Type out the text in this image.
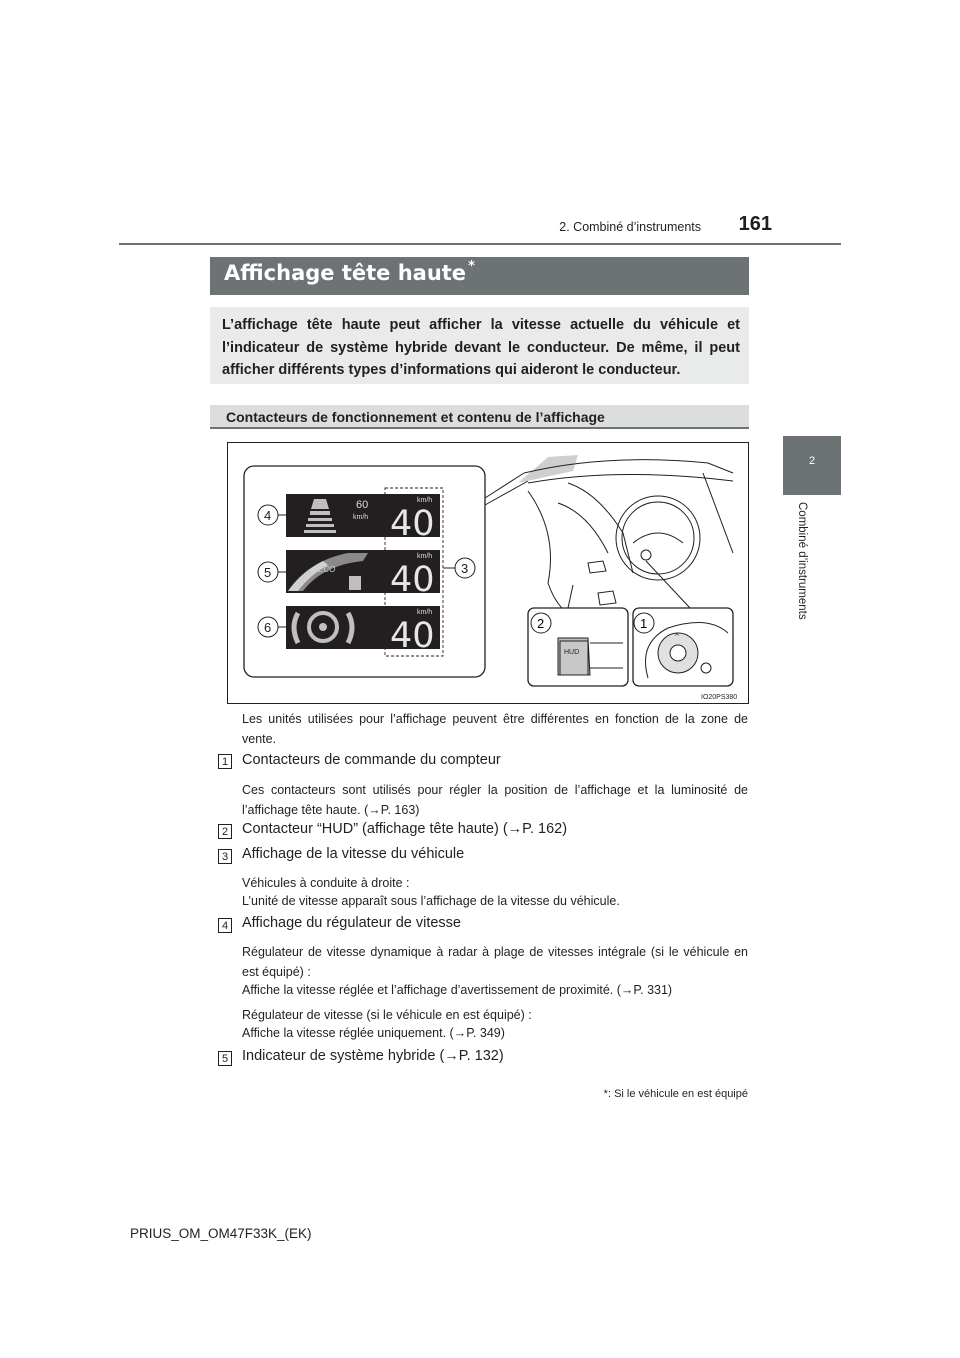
2. Combiné d’instruments	161
2
Combiné d’instruments
Affichage tête haute *
L’affichage tête haute peut afficher la vitesse actuelle du véhicule et l’indicateur de système hybride devant le conducteur. De même, il peut afficher différents types d’informations qui aideront le conducteur.
Contacteurs de fonctionnement et contenu de l’affichage
60
km/h
km/h
40
ECO
km/h
40
km/h
40
4
5
6
3
HUD
2
^
1
IO20PS380
Les unités utilisées pour l’affichage peuvent être différentes en fonction de la zone de vente.
1 Contacteurs de commande du compteur
Ces contacteurs sont utilisés pour régler la position de l’affichage et la luminosité de l’affichage tête haute. (→P. 163)
2 Contacteur “HUD” (affichage tête haute) (→P. 162)
3 Affichage de la vitesse du véhicule
Véhicules à conduite à droite :
L’unité de vitesse apparaît sous l’affichage de la vitesse du véhicule.
4 Affichage du régulateur de vitesse
Régulateur de vitesse dynamique à radar à plage de vitesses intégrale (si le véhicule en est équipé) :
Affiche la vitesse réglée et l’affichage d’avertissement de proximité. (→P. 331)
Régulateur de vitesse (si le véhicule en est équipé) :
Affiche la vitesse réglée uniquement. (→P. 349)
5 Indicateur de système hybride (→P. 132)
*: Si le véhicule en est équipé
PRIUS_OM_OM47F33K_(EK)
